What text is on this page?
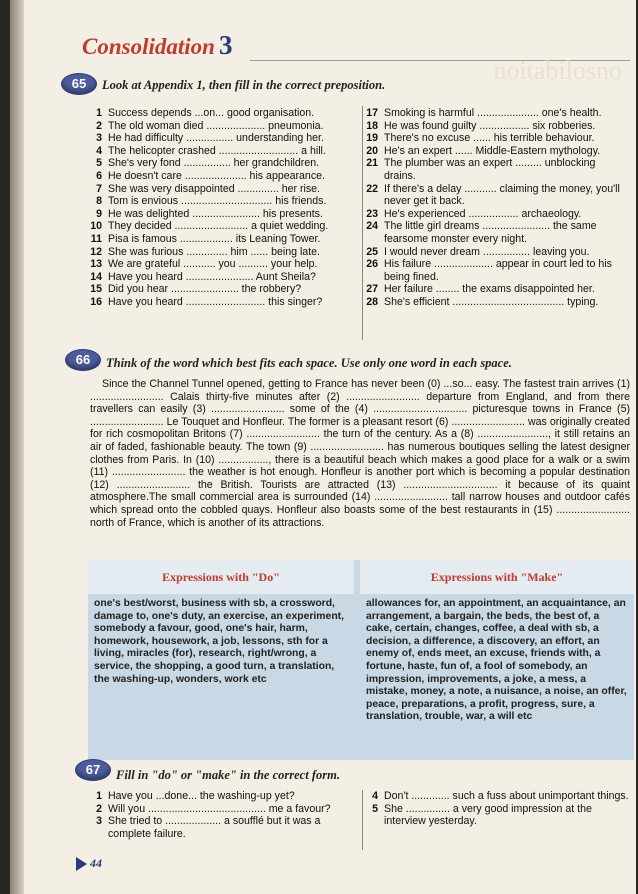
Consolidation 3
noitabilosno
65	Look at Appendix 1, then fill in the correct preposition.
1 Success depends ...on... good organisation.
2 The old woman died .................... pneumonia.
3 He had difficulty ................ understanding her.
4 The helicopter crashed ........................... a hill.
5 She's very fond ................ her grandchildren.
6 He doesn't care ..................... his appearance.
7 She was very disappointed .............. her rise.
8 Tom is envious ............................... his friends.
9 He was delighted ....................... his presents.
10 They decided ......................... a quiet wedding.
11 Pisa is famous .................. its Leaning Tower.
12 She was furious .............. him ...... being late.
13 We are grateful ........... you .......... your help.
14 Have you heard ....................... Aunt Sheila?
15 Did you hear ....................... the robbery?
16 Have you heard ........................... this singer?
17 Smoking is harmful ..................... one's health.
18 He was found guilty ................. six robberies.
19 There's no excuse ...... his terrible behaviour.
20 He's an expert ...... Middle-Eastern mythology.
21 The plumber was an expert ......... unblocking drains.
22 If there's a delay ........... claiming the money, you'll never get it back.
23 He's experienced ................. archaeology.
24 The little girl dreams ....................... the same fearsome monster every night.
25 I would never dream ................ leaving you.
26 His failure .................... appear in court led to his being fined.
27 Her failure ........ the exams disappointed her.
28 She's efficient ...................................... typing.
66	Think of the word which best fits each space. Use only one word in each space.
Since the Channel Tunnel opened, getting to France has never been (0) ...so... easy. The fastest train arrives (1) ......................... Calais thirty-five minutes after (2) ......................... departure from England, and from there travellers can easily (3) ......................... some of the (4) ................................ picturesque towns in France (5) ......................... Le Touquet and Honfleur. The former is a pleasant resort (6) ......................... was originally created for rich cosmopolitan Britons (7) ......................... the turn of the century. As a (8) ........................, it still retains an air of faded, fashionable beauty. The town (9) ......................... has numerous boutiques selling the latest designer clothes from Paris. In (10) ................., there is a beautiful beach which makes a good place for a walk or a swim (11) ......................... the weather is hot enough. Honfleur is another port which is becoming a popular destination (12) ......................... the British. Tourists are attracted (13) ................................ it because of its quaint atmosphere.The small commercial area is surrounded (14) ......................... tall narrow houses and outdoor cafés which spread onto the cobbled quays. Honfleur also boasts some of the best restaurants in (15) ......................... north of France, which is another of its attractions.
Expressions with "Do"	Expressions with "Make"
one's best/worst, business with sb, a crossword, damage to, one's duty, an exercise, an experiment, somebody a favour, good, one's hair, harm, homework, housework, a job, lessons, sth for a living, miracles (for), research, right/wrong, a service, the shopping, a good turn, a translation, the washing-up, wonders, work etc
allowances for, an appointment, an acquaintance, an arrangement, a bargain, the beds, the best of, a cake, certain, changes, coffee, a deal with sb, a decision, a difference, a discovery, an effort, an enemy of, ends meet, an excuse, friends with, a fortune, haste, fun of, a fool of somebody, an impression, improvements, a joke, a mess, a mistake, money, a note, a nuisance, a noise, an offer, peace, preparations, a profit, progress, sure, a translation, trouble, war, a will etc
67	Fill in "do" or "make" in the correct form.
1 Have you ...done... the washing-up yet?
2 Will you ........................................ me a favour?
3 She tried to ................... a soufflé but it was a complete failure.
4 Don't ............. such a fuss about unimportant things.
5 She ............... a very good impression at the interview yesterday.
44
